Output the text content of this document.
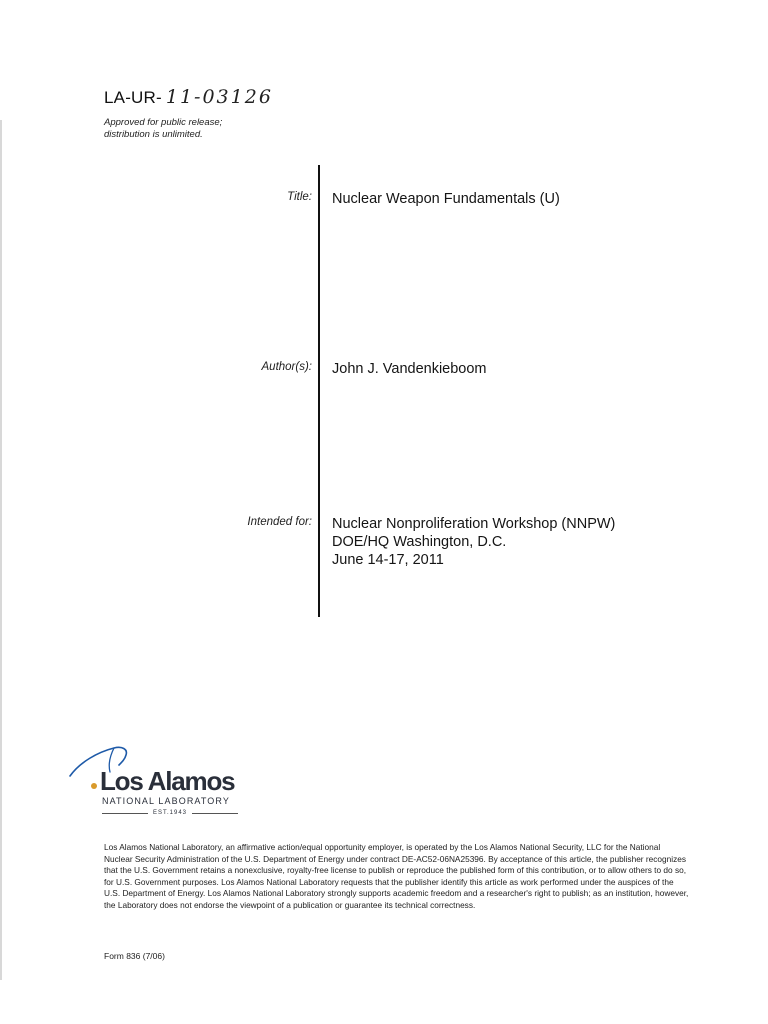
LA-UR- 11-03126
Approved for public release;
distribution is unlimited.
Title: Nuclear Weapon Fundamentals (U)
Author(s): John J. Vandenkieboom
Intended for: Nuclear Nonproliferation Workshop (NNPW)
DOE/HQ Washington, D.C.
June 14-17, 2011
Los Alamos
NATIONAL LABORATORY
EST.1943
Los Alamos National Laboratory, an affirmative action/equal opportunity employer, is operated by the Los Alamos National Security, LLC for the National Nuclear Security Administration of the U.S. Department of Energy under contract DE-AC52-06NA25396. By acceptance of this article, the publisher recognizes that the U.S. Government retains a nonexclusive, royalty-free license to publish or reproduce the published form of this contribution, or to allow others to do so, for U.S. Government purposes. Los Alamos National Laboratory requests that the publisher identify this article as work performed under the auspices of the U.S. Department of Energy. Los Alamos National Laboratory strongly supports academic freedom and a researcher's right to publish; as an institution, however, the Laboratory does not endorse the viewpoint of a publication or guarantee its technical correctness.
Form 836 (7/06)
